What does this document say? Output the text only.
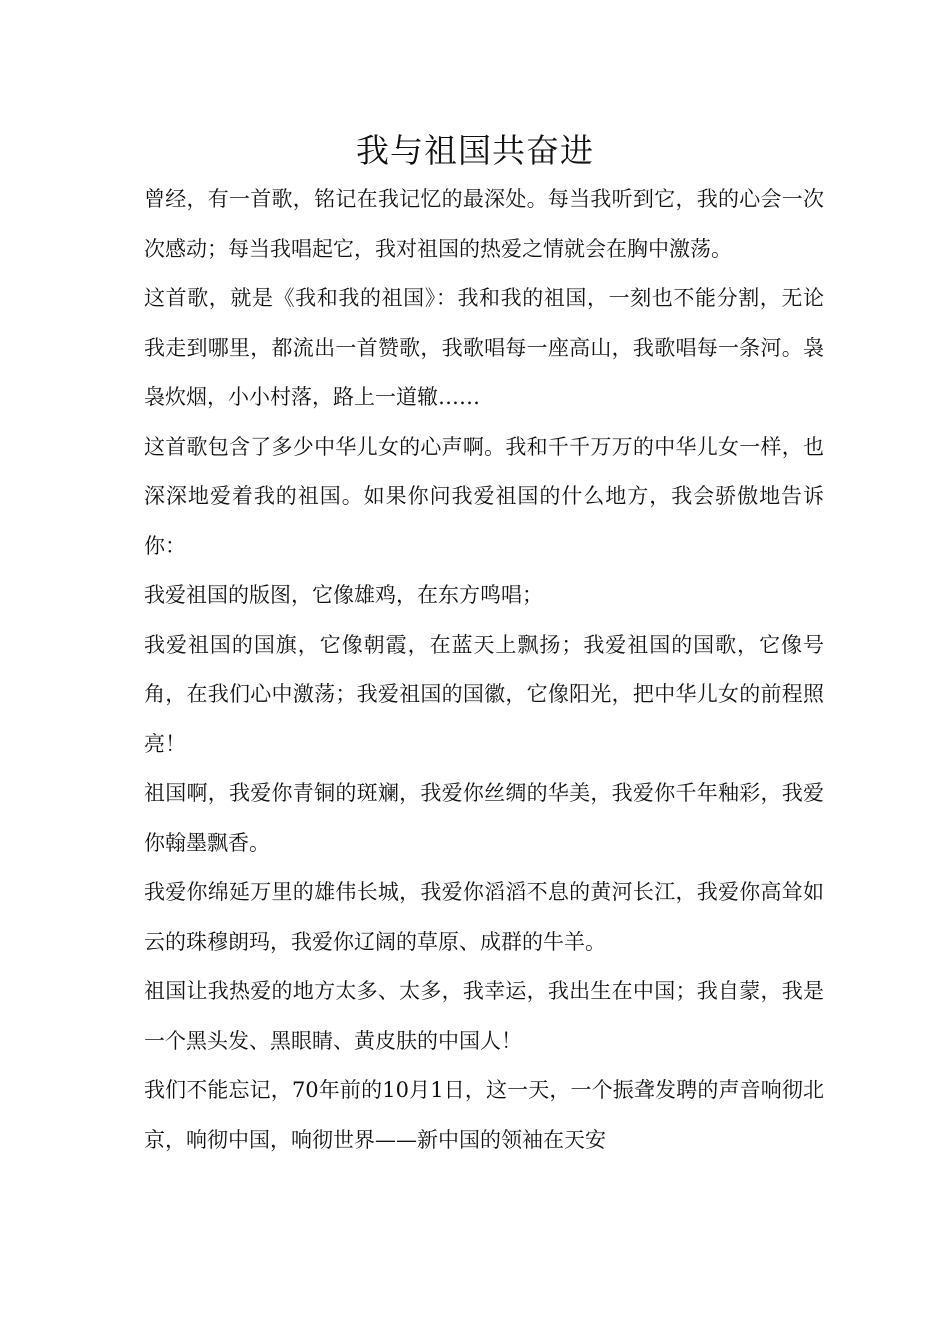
我与祖国共奋进

曾经，有一首歌，铭记在我记忆的最深处。每当我听到它，我的心会一次次感动；每当我唱起它，我对祖国的热爱之情就会在胸中激荡。

这首歌，就是《我和我的祖国》：我和我的祖国，一刻也不能分割，无论我走到哪里，都流出一首赞歌，我歌唱每一座高山，我歌唱每一条河。袅袅炊烟，小小村落，路上一道辙……

这首歌包含了多少中华儿女的心声啊。我和千千万万的中华儿女一样，也深深地爱着我的祖国。如果你问我爱祖国的什么地方，我会骄傲地告诉你：

我爱祖国的版图，它像雄鸡，在东方鸣唱；

我爱祖国的国旗，它像朝霞，在蓝天上飘扬；我爱祖国的国歌，它像号角，在我们心中激荡；我爱祖国的国徽，它像阳光，把中华儿女的前程照亮！

祖国啊，我爱你青铜的斑斓，我爱你丝绸的华美，我爱你千年釉彩，我爱你翰墨飘香。

我爱你绵延万里的雄伟长城，我爱你滔滔不息的黄河长江，我爱你高耸如云的珠穆朗玛，我爱你辽阔的草原、成群的牛羊。

祖国让我热爱的地方太多、太多，我幸运，我出生在中国；我自蒙，我是一个黑头发、黑眼睛、黄皮肤的中国人！

我们不能忘记，70年前的10月1日，这一天，一个振聋发聘的声音响彻北京，响彻中国，响彻世界——新中国的领袖在天安
